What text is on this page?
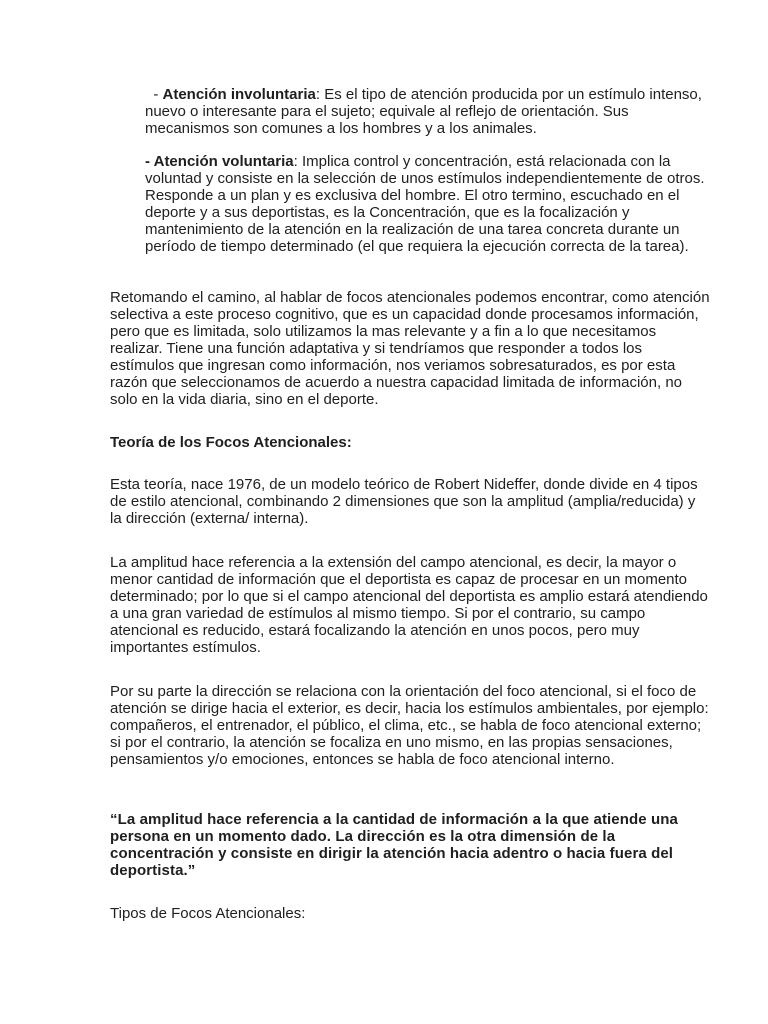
- Atención involuntaria: Es el tipo de atención producida por un estímulo intenso, nuevo o interesante para el sujeto; equivale al reflejo de orientación. Sus mecanismos son comunes a los hombres y a los animales.

- Atención voluntaria: Implica control y concentración, está relacionada con la voluntad y consiste en la selección de unos estímulos independientemente de otros. Responde a un plan y es exclusiva del hombre. El otro termino, escuchado en el deporte y a sus deportistas, es la Concentración, que es la focalización y mantenimiento de la atención en la realización de una tarea concreta durante un período de tiempo determinado (el que requiera la ejecución correcta de la tarea).

Retomando el camino, al hablar de focos atencionales podemos encontrar, como atención selectiva a este proceso cognitivo, que es un capacidad donde procesamos información, pero que es limitada, solo utilizamos la mas relevante y a fin a lo que necesitamos realizar. Tiene una función adaptativa y si tendríamos que responder a todos los estímulos que ingresan como información, nos veriamos sobresaturados, es por esta razón que seleccionamos de acuerdo a nuestra capacidad limitada de información, no solo en la vida diaria, sino en el deporte.

Teoría de los Focos Atencionales:

Esta teoría, nace 1976, de un modelo teórico de Robert Nideffer, donde divide en 4 tipos de estilo atencional, combinando 2 dimensiones que son la amplitud (amplia/reducida) y la dirección (externa/ interna).

La amplitud hace referencia a la extensión del campo atencional, es decir, la mayor o menor cantidad de información que el deportista es capaz de procesar en un momento determinado; por lo que si el campo atencional del deportista es amplio estará atendiendo a una gran variedad de estímulos al mismo tiempo. Si por el contrario, su campo atencional es reducido, estará focalizando la atención en unos pocos, pero muy importantes estímulos.

Por su parte la dirección se relaciona con la orientación del foco atencional, si el foco de atención se dirige hacia el exterior, es decir, hacia los estímulos ambientales, por ejemplo: compañeros, el entrenador, el público, el clima, etc., se habla de foco atencional externo; si por el contrario, la atención se focaliza en uno mismo, en las propias sensaciones, pensamientos y/o emociones, entonces se habla de foco atencional interno.

“La amplitud hace referencia a la cantidad de información a la que atiende una persona en un momento dado. La dirección es la otra dimensión de la concentración y consiste en dirigir la atención hacia adentro o hacia fuera del deportista.”

Tipos de Focos Atencionales:
